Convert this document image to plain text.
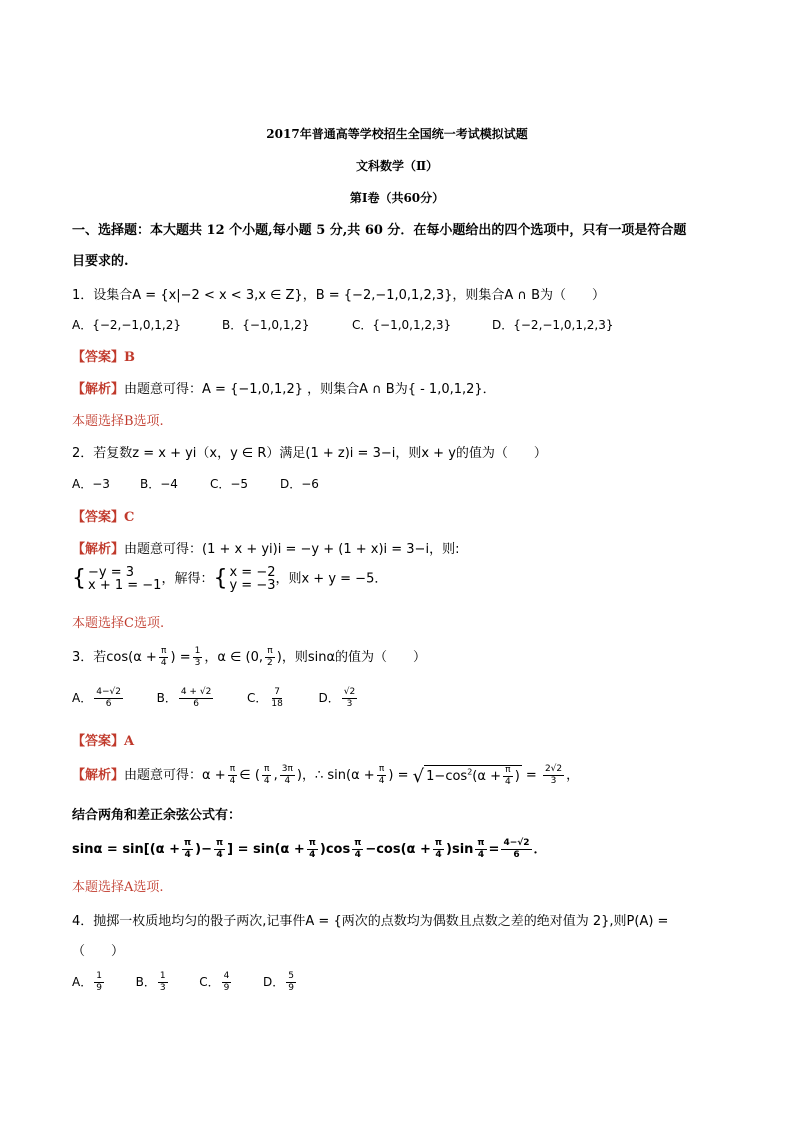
2017年普通高等学校招生全国统一考试模拟试题
文科数学（Ⅱ）
第Ⅰ卷（共60分）
一、选择题：本大题共 12 个小题,每小题 5 分,共 60 分．在每小题给出的四个选项中，只有一项是符合题
目要求的.
1．设集合A = {x|−2 < x < 3,x ∈ Z}，B = {−2,−1,0,1,2,3}，则集合A ∩ B为（　　）
A．{−2,−1,0,1,2}	B．{−1,0,1,2}	C．{−1,0,1,2,3}	D．{−2,−1,0,1,2,3}
【答案】B
【解析】由题意可得：A = {−1,0,1,2} ，则集合A ∩ B为{ - 1,0,1,2}．
本题选择B选项.
2．若复数z = x + yi（x，y ∈ R）满足(1 + z)i = 3−i，则x + y的值为（　　）
A．−3	B．−4	C．−5	D．−6
【答案】C
【解析】由题意可得：(1 + x + yi)i = −y + (1 + x)i = 3−i，则:
{ −y = 3
x + 1 = −1 ，解得： { x = −2
y = −3 ，则x + y = −5．
本题选择C选项.
3．若$\cos(\alpha + \frac{\pi}{4}$ ) = $\frac{1}{3}$ ，α ∈ (0, $\frac{\pi}{2}$ )，则sinα的值为（　　）
A． $\frac{4-√2}{6}$	B． $\frac{4 + √2}{6}$	C． $\frac{7}{18}$	D． $\frac{√2}{3}$
【答案】A
【解析】由题意可得：$\alpha + \frac{\pi}{4}$ ∈ ( $\frac{\pi}{4}$ , $\frac{3\pi}{4}$ )，∴ $\sin(\alpha + \frac{\pi}{4}$ ) = √ $1-\cos^2(\alpha + \frac{\pi}{4}$ ) = $\frac{2√2}{3}$ ，
结合两角和差正余弦公式有：
$\sin\alpha = \sin[(\alpha + \frac{\pi}{4}$ )− $\frac{\pi}{4}$ ] = $\sin(\alpha + \frac{\pi}{4} )\cos \frac{\pi}{4} -\cos(\alpha + \frac{\pi}{4} )\sin \frac{\pi}{4} = \frac{4-√2}{6}$ ．
本题选择A选项.
4．抛掷一枚质地均匀的骰子两次,记事件A = {两次的点数均为偶数且点数之差的绝对值为 2},则P(A) =
（　　）
A． $\frac{1}{9}$	B． $\frac{1}{3}$	C． $\frac{4}{9}$	D． $\frac{5}{9}$
